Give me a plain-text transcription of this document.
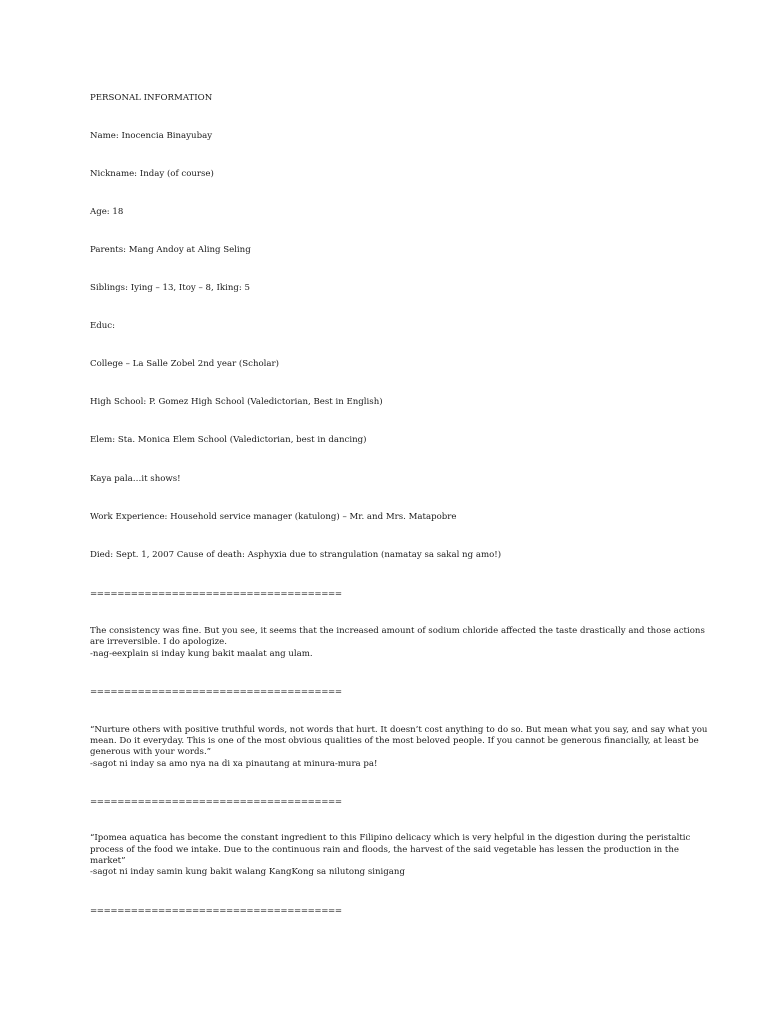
PERSONAL INFORMATION

Name: Inocencia Binayubay

Nickname: Inday (of course)

Age: 18

Parents: Mang Andoy at Aling Seling

Siblings: Iying – 13, Itoy – 8, Iking: 5

Educ:

College – La Salle Zobel 2nd year (Scholar)

High School: P. Gomez High School (Valedictorian, Best in English)

Elem: Sta. Monica Elem School (Valedictorian, best in dancing)

Kaya pala…it shows!

Work Experience: Household service manager (katulong) – Mr. and Mrs. Matapobre

Died: Sept. 1, 2007 Cause of death: Asphyxia due to strangulation (namatay sa sakal ng amo!)

=====================================

The consistency was fine. But you see, it seems that the increased amount of sodium chloride affected the taste drastically and those actions

are irreversible. I do apologize.

-nag-eexplain si inday kung bakit maalat ang ulam.

=====================================

“Nurture others with positive truthful words, not words that hurt. It doesn’t cost anything to do so. But mean what you say, and say what you

mean. Do it everyday. This is one of the most obvious qualities of the most beloved people. If you cannot be generous financially, at least be

generous with your words.”

-sagot ni inday sa amo nya na di xa pinautang at minura-mura pa!

=====================================

“Ipomea aquatica has become the constant ingredient to this Filipino delicacy which is very helpful in the digestion during the peristaltic

process of the food we intake. Due to the continuous rain and floods, the harvest of the said vegetable has lessen the production in the

market”

-sagot ni inday samin kung bakit walang KangKong sa nilutong sinigang

=====================================
